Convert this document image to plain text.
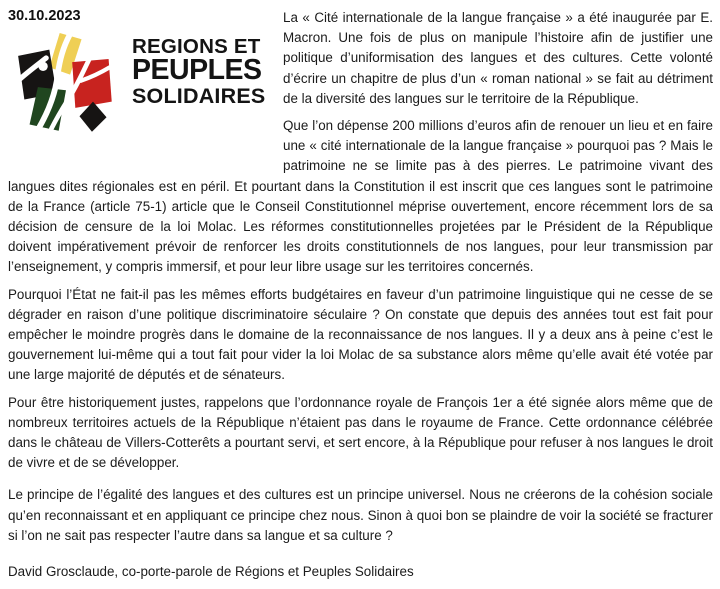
30.10.2023
REGIONS ET
PEUPLES
SOLIDAIRES

La « Cité internationale de la langue française » a été inaugurée par E. Macron. Une fois de plus on manipule l’histoire afin de justifier une politique d’uniformisation des langues et des cultures. Cette volonté d’écrire un chapitre de plus d’un « roman national » se fait au détriment de la diversité des langues sur le territoire de la République.

Que l’on dépense 200 millions d’euros afin de renouer un lieu et en faire une « cité internationale de la langue française » pourquoi pas ? Mais le patrimoine ne se limite pas à des pierres. Le patrimoine vivant des langues dites régionales est en péril. Et pourtant dans la Constitution il est inscrit que ces langues sont le patrimoine de la France (article 75-1) article que le Conseil Constitutionnel méprise ouvertement, encore récemment lors de sa décision de censure de la loi Molac. Les réformes constitutionnelles projetées par le Président de la République doivent impérativement prévoir de renforcer les droits constitutionnels de nos langues, pour leur transmission par l’enseignement, y compris immersif, et pour leur libre usage sur les territoires concernés.

Pourquoi l’État ne fait-il pas les mêmes efforts budgétaires en faveur d’un patrimoine linguistique qui ne cesse de se dégrader en raison d’une politique discriminatoire séculaire ? On constate que depuis des années tout est fait pour empêcher le moindre progrès dans le domaine de la reconnaissance de nos langues. Il y a deux ans à peine c’est le gouvernement lui-même qui a tout fait pour vider la loi Molac de sa substance alors même qu’elle avait été votée par une large majorité de députés et de sénateurs.

Pour être historiquement justes, rappelons que l’ordonnance royale de François 1er a été signée alors même que de nombreux territoires actuels de la République n’étaient pas dans le royaume de France. Cette ordonnance célébrée dans le château de Villers-Cotterêts a pourtant servi, et sert encore, à la République pour refuser à nos langues le droit de vivre et de se développer.

Le principe de l’égalité des langues et des cultures est un principe universel. Nous ne créerons de la cohésion sociale qu’en reconnaissant et en appliquant ce principe chez nous. Sinon à quoi bon se plaindre de voir la société se fracturer si l’on ne sait pas respecter l’autre dans sa langue et sa culture ?

David Grosclaude, co-porte-parole de Régions et Peuples Solidaires
